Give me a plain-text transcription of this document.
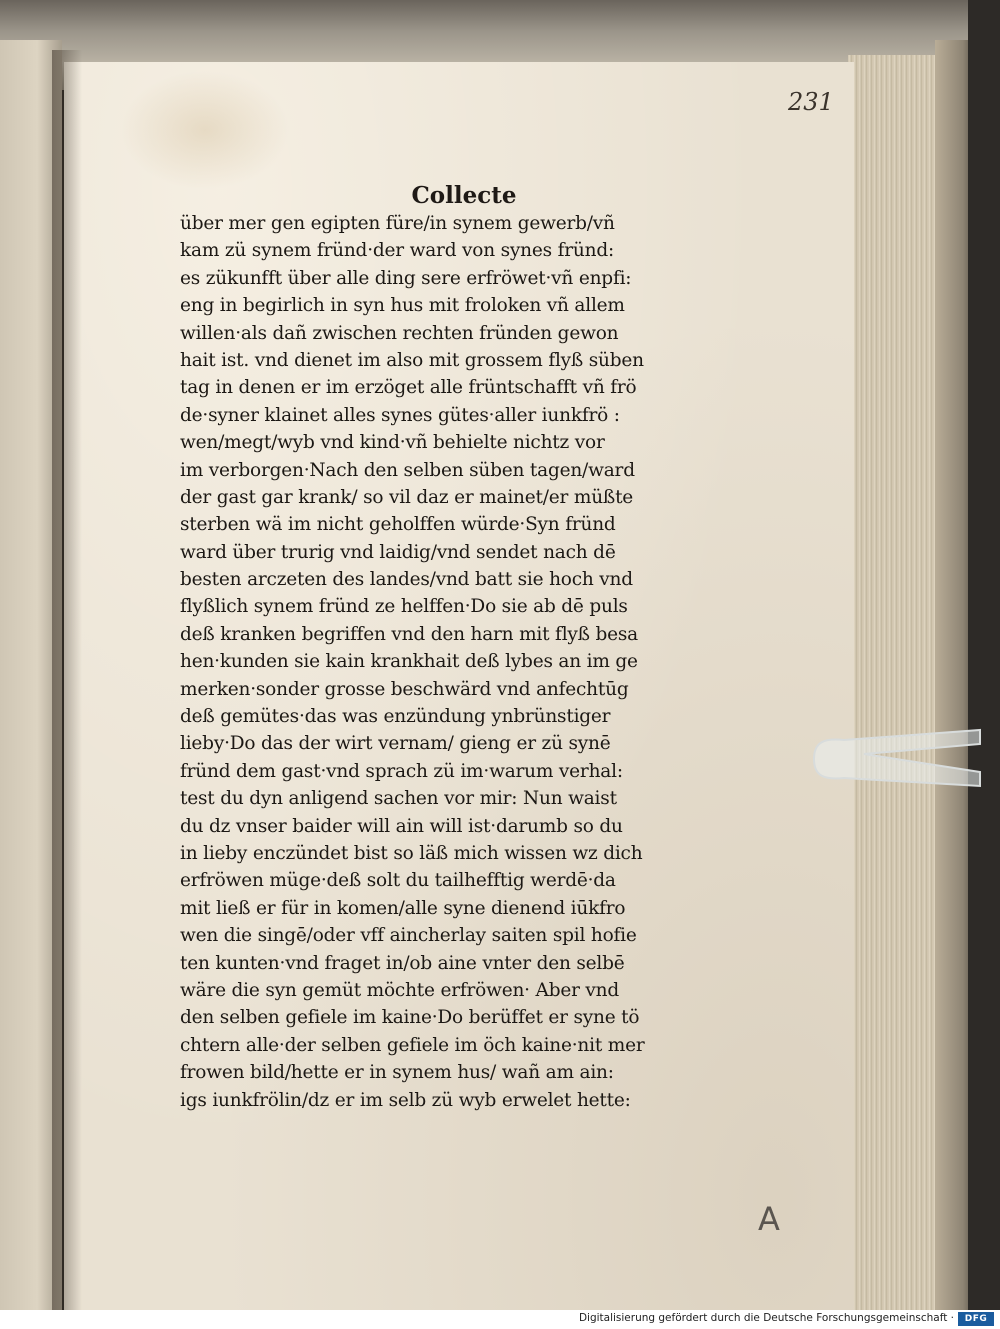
231

Collecte
über mer gen egipten füre/in synem gewerb/vñ
kam zü synem fründ·der ward von synes fründ:
es zükunfft über alle ding sere erfröwet·vñ enpfi:
eng in begirlich in syn hus mit froloken vñ allem
willen·als dañ zwischen rechten fründen gewon
hait ist. vnd dienet im also mit grossem flyß süben
tag in denen er im erzöget alle früntschafft vñ frö
de·syner klainet alles synes gütes·aller iunkfrö :
wen/megt/wyb vnd kind·vñ behielte nichtz vor
im verborgen·Nach den selben süben tagen/ward
der gast gar krank/ so vil daz er mainet/er müßte
sterben wä im nicht geholffen würde·Syn fründ
ward über trurig vnd laidig/vnd sendet nach dē
besten arczeten des landes/vnd batt sie hoch vnd
flyßlich synem fründ ze helffen·Do sie ab dē puls
deß kranken begriffen vnd den harn mit flyß besa
hen·kunden sie kain krankhait deß lybes an im ge
merken·sonder grosse beschwärd vnd anfechtūg
deß gemütes·das was enzündung ynbrünstiger
lieby·Do das der wirt vernam/ gieng er zü synē
fründ dem gast·vnd sprach zü im·warum verhal:
test du dyn anligend sachen vor mir: Nun waist
du dz vnser baider will ain will ist·darumb so du
in lieby enczündet bist so läß mich wissen wz dich
erfröwen müge·deß solt du tailhefftig werdē·da
mit ließ er für in komen/alle syne dienend iūkfro
wen die singē/oder vff aincherlay saiten spil hofie
ten kunten·vnd fraget in/ob aine vnter den selbē
wäre die syn gemüt möchte erfröwen· Aber vnd
den selben gefiele im kaine·Do berüffet er syne tö
chtern alle·der selben gefiele im öch kaine·nit mer
frowen bild/hette er in synem hus/ wañ am ain:
igs iunkfrölin/dz er im selb zü wyb erwelet hette:

A

Digitalisierung gefördert durch die Deutsche Forschungsgemeinschaft ·	DFG
